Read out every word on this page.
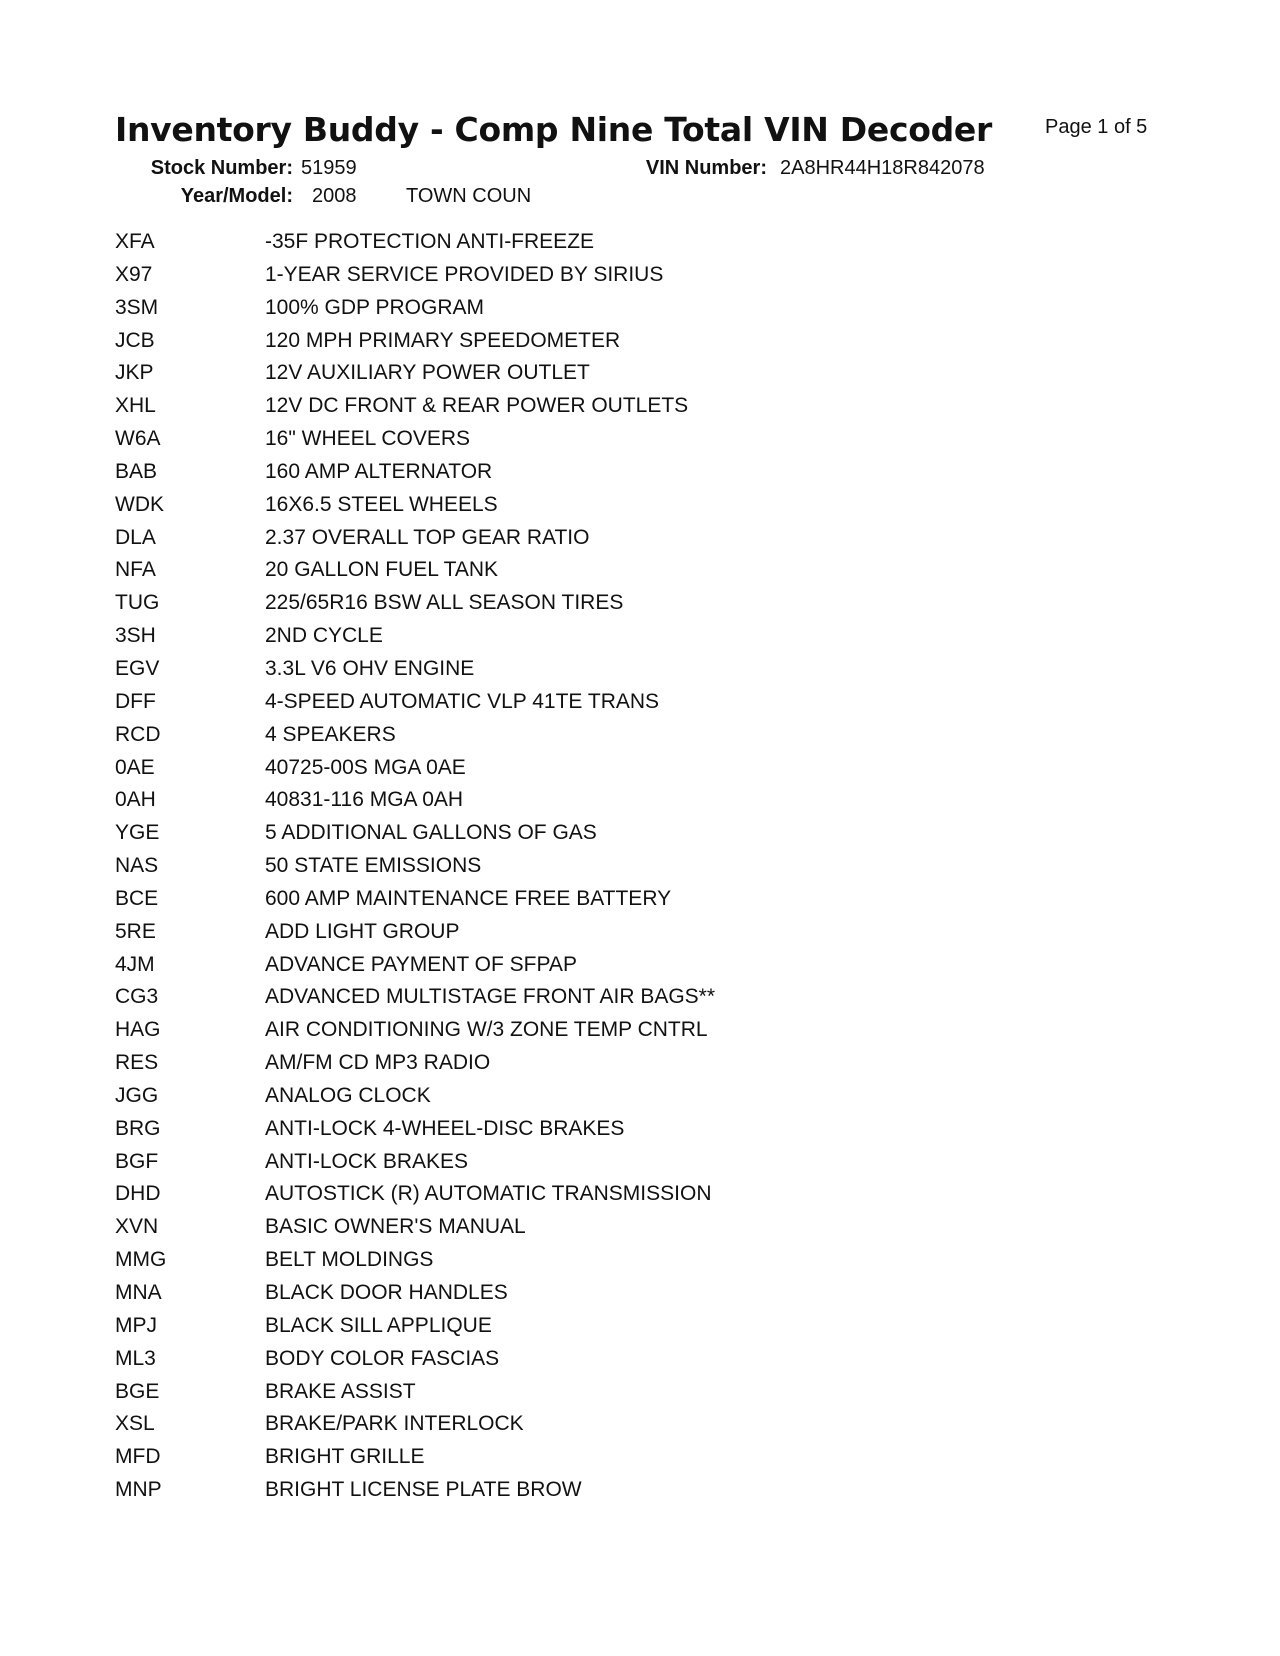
Inventory Buddy - Comp Nine Total VIN Decoder	Page 1 of 5
Stock Number: 51959	VIN Number: 2A8HR44H18R842078
Year/Model: 2008 TOWN COUN
XFA	-35F PROTECTION ANTI-FREEZE
X97	1-YEAR SERVICE PROVIDED BY SIRIUS
3SM	100% GDP PROGRAM
JCB	120 MPH PRIMARY SPEEDOMETER
JKP	12V AUXILIARY POWER OUTLET
XHL	12V DC FRONT & REAR POWER OUTLETS
W6A	16" WHEEL COVERS
BAB	160 AMP ALTERNATOR
WDK	16X6.5 STEEL WHEELS
DLA	2.37 OVERALL TOP GEAR RATIO
NFA	20 GALLON FUEL TANK
TUG	225/65R16 BSW ALL SEASON TIRES
3SH	2ND CYCLE
EGV	3.3L V6 OHV ENGINE
DFF	4-SPEED AUTOMATIC VLP 41TE TRANS
RCD	4 SPEAKERS
0AE	40725-00S MGA 0AE
0AH	40831-116 MGA 0AH
YGE	5 ADDITIONAL GALLONS OF GAS
NAS	50 STATE EMISSIONS
BCE	600 AMP MAINTENANCE FREE BATTERY
5RE	ADD LIGHT GROUP
4JM	ADVANCE PAYMENT OF SFPAP
CG3	ADVANCED MULTISTAGE FRONT AIR BAGS**
HAG	AIR CONDITIONING W/3 ZONE TEMP CNTRL
RES	AM/FM CD MP3 RADIO
JGG	ANALOG CLOCK
BRG	ANTI-LOCK 4-WHEEL-DISC BRAKES
BGF	ANTI-LOCK BRAKES
DHD	AUTOSTICK (R) AUTOMATIC TRANSMISSION
XVN	BASIC OWNER'S MANUAL
MMG	BELT MOLDINGS
MNA	BLACK DOOR HANDLES
MPJ	BLACK SILL APPLIQUE
ML3	BODY COLOR FASCIAS
BGE	BRAKE ASSIST
XSL	BRAKE/PARK INTERLOCK
MFD	BRIGHT GRILLE
MNP	BRIGHT LICENSE PLATE BROW
